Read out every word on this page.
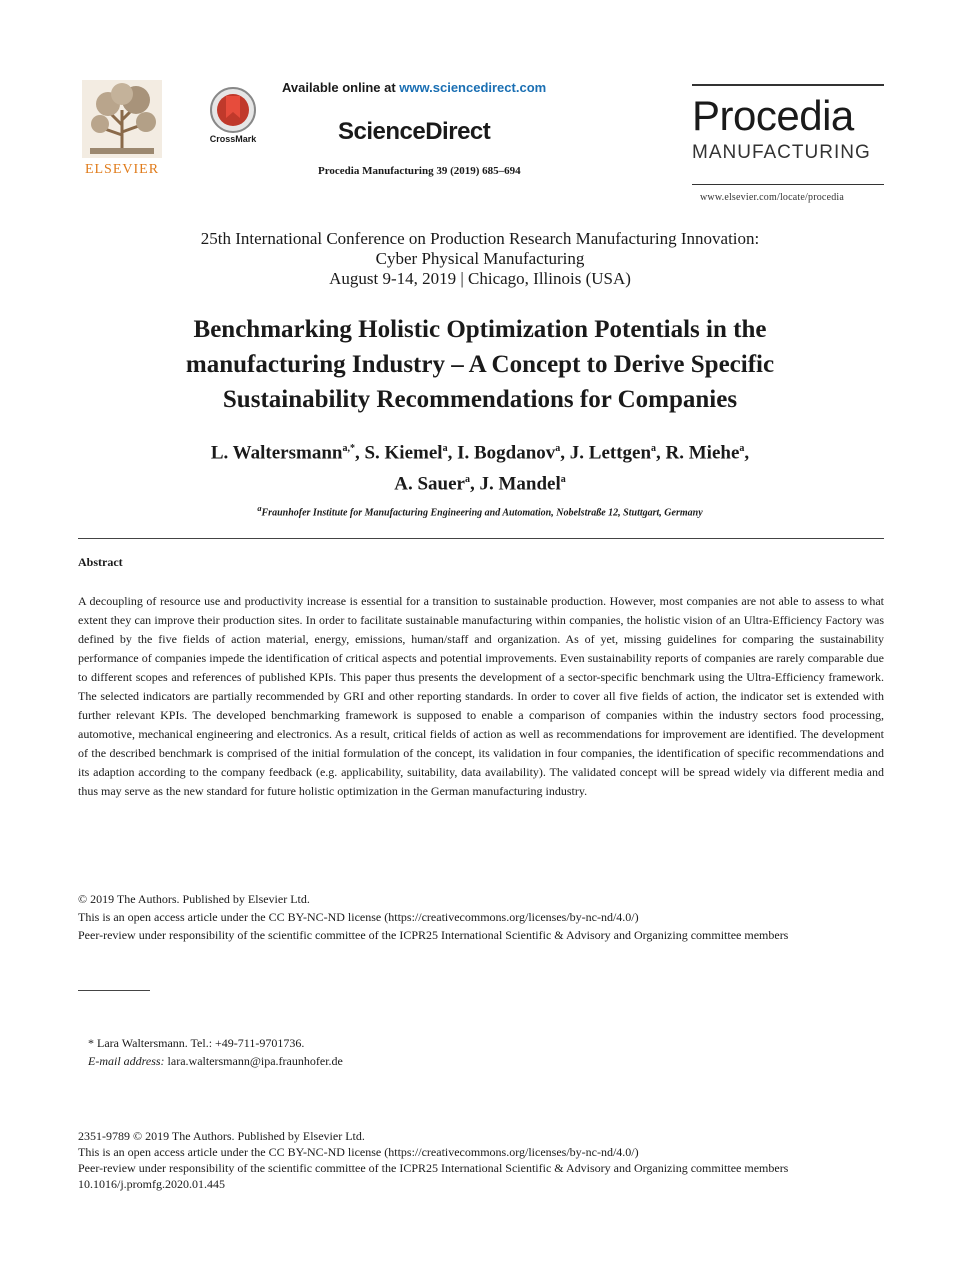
ELSEVIER
CrossMark
Available online at www.sciencedirect.com
ScienceDirect
Procedia Manufacturing 39 (2019) 685–694
Procedia
MANUFACTURING
www.elsevier.com/locate/procedia
25th International Conference on Production Research Manufacturing Innovation:
Cyber Physical Manufacturing
August 9-14, 2019 | Chicago, Illinois (USA)
Benchmarking Holistic Optimization Potentials in the
manufacturing Industry – A Concept to Derive Specific
Sustainability Recommendations for Companies
L. Waltersmann$^{a,*}$, S. Kiemel$^a$, I. Bogdanov$^a$, J. Lettgen$^a$, R. Miehe$^a$,
A. Sauer$^a$, J. Mandel$^a$
$^a$Fraunhofer Institute for Manufacturing Engineering and Automation, Nobelstraße 12, Stuttgart, Germany
Abstract
A decoupling of resource use and productivity increase is essential for a transition to sustainable production. However, most companies are not able to assess to what extent they can improve their production sites. In order to facilitate sustainable manufacturing within companies, the holistic vision of an Ultra-Efficiency Factory was defined by the five fields of action material, energy, emissions, human/staff and organization. As of yet, missing guidelines for comparing the sustainability performance of companies impede the identification of critical aspects and potential improvements. Even sustainability reports of companies are rarely comparable due to different scopes and references of published KPIs. This paper thus presents the development of a sector-specific benchmark using the Ultra-Efficiency framework. The selected indicators are partially recommended by GRI and other reporting standards. In order to cover all five fields of action, the indicator set is extended with further relevant KPIs. The developed benchmarking framework is supposed to enable a comparison of companies within the industry sectors food processing, automotive, mechanical engineering and electronics. As a result, critical fields of action as well as recommendations for improvement are identified. The development of the described benchmark is comprised of the initial formulation of the concept, its validation in four companies, the identification of specific recommendations and its adaption according to the company feedback (e.g. applicability, suitability, data availability). The validated concept will be spread widely via different media and thus may serve as the new standard for future holistic optimization in the German manufacturing industry.
© 2019 The Authors. Published by Elsevier Ltd.
This is an open access article under the CC BY-NC-ND license (https://creativecommons.org/licenses/by-nc-nd/4.0/)
Peer-review under responsibility of the scientific committee of the ICPR25 International Scientific & Advisory and Organizing committee members
* Lara Waltersmann. Tel.: +49-711-9701736.
E-mail address: lara.waltersmann@ipa.fraunhofer.de
2351-9789 © 2019 The Authors. Published by Elsevier Ltd.
This is an open access article under the CC BY-NC-ND license (https://creativecommons.org/licenses/by-nc-nd/4.0/)
Peer-review under responsibility of the scientific committee of the ICPR25 International Scientific & Advisory and Organizing committee members
10.1016/j.promfg.2020.01.445
